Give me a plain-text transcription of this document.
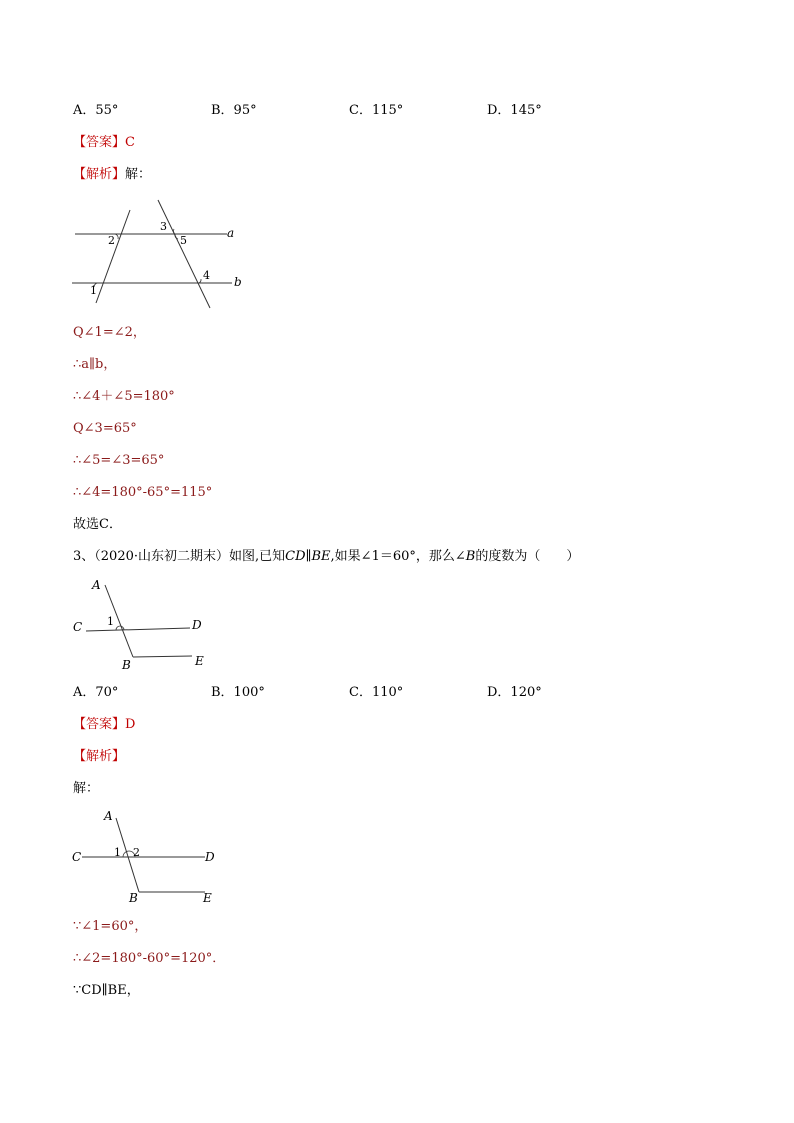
A．55°	B．95°	C．115°	D．145°
【答案】C
【解析】解：
2
3
5
4
1
a
b
Q∠1=∠2，
∴a∥b，
∴∠4＋∠5=180°
Q∠3=65°
∴∠5=∠3=65°
∴∠4=180°-65°=115°
故选C．
3、（2020·山东初二期末）如图,已知CD∥BE,如果∠1＝60°，那么∠B的度数为（　　）
A
C 1	D
B	E
A．70°	B．100°	C．110°	D．120°
【答案】D
【解析】
解：
A
C	1 2	D
B	E
∵∠1=60°，
∴∠2=180°-60°=120°．
∵CD∥BE，
